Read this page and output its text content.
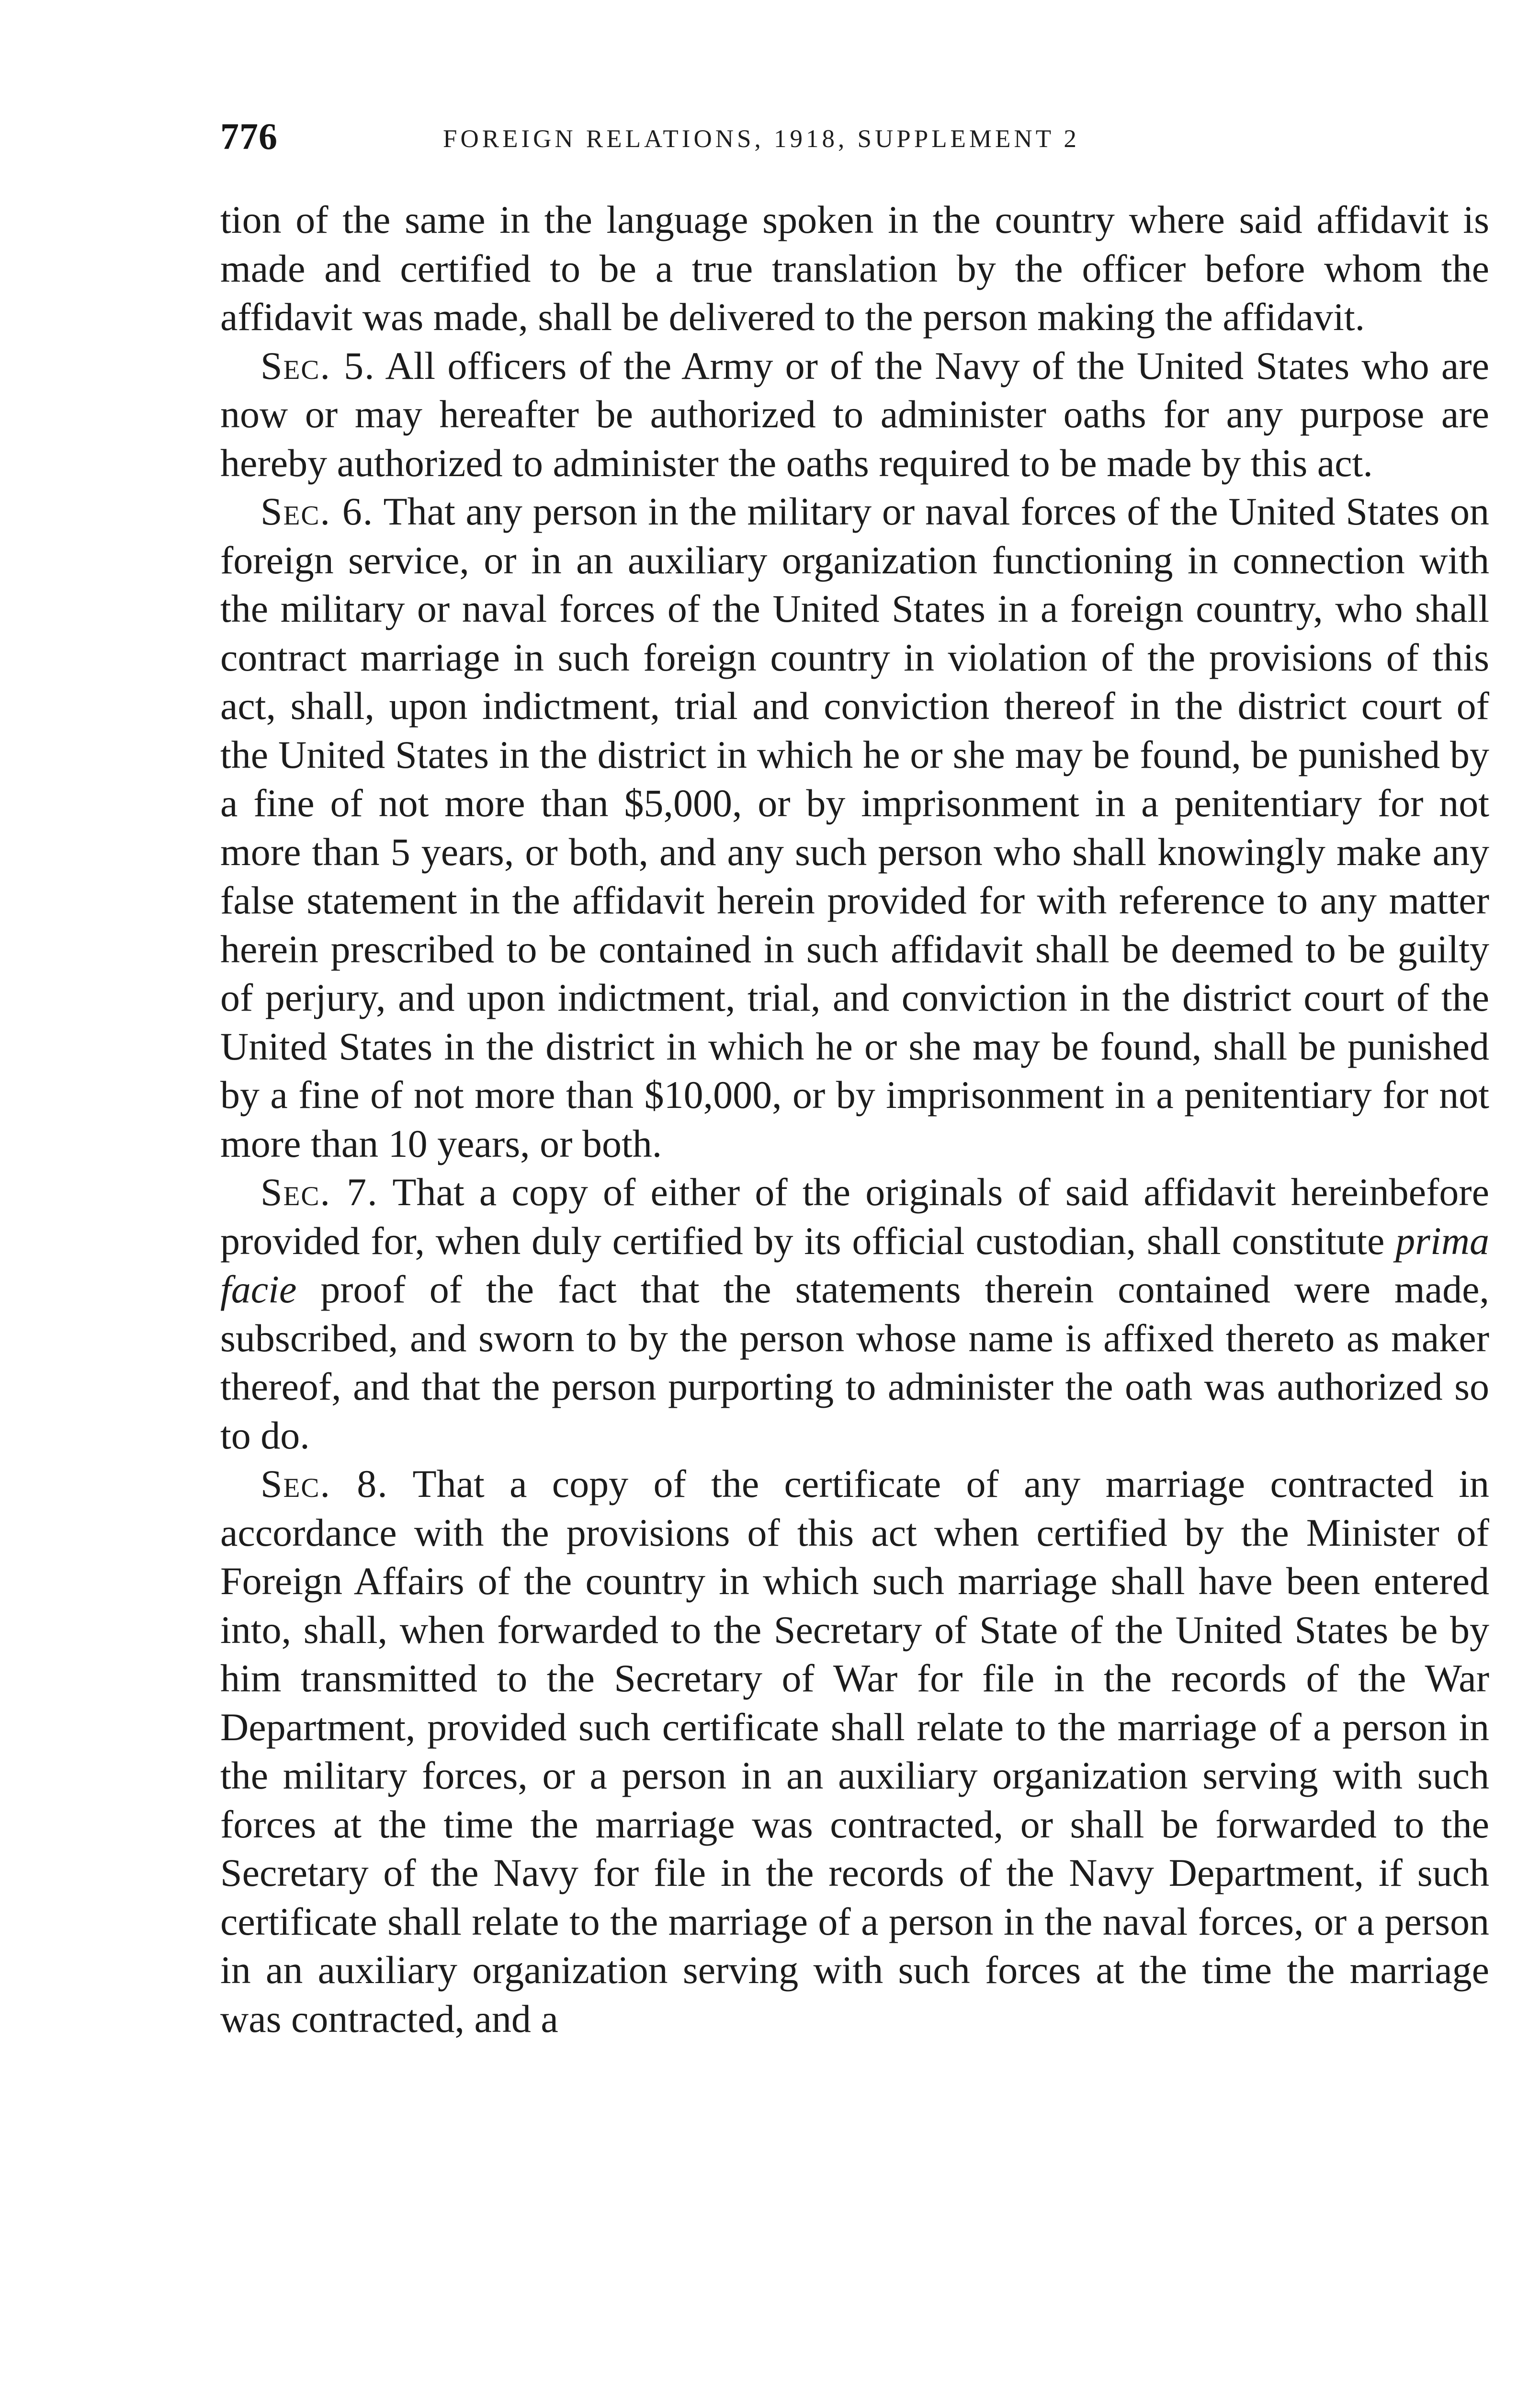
776	FOREIGN RELATIONS, 1918, SUPPLEMENT 2

tion of the same in the language spoken in the country where said affidavit is made and certified to be a true translation by the officer before whom the affidavit was made, shall be delivered to the person making the affidavit.

Sec. 5. All officers of the Army or of the Navy of the United States who are now or may hereafter be authorized to administer oaths for any purpose are hereby authorized to administer the oaths required to be made by this act.

Sec. 6. That any person in the military or naval forces of the United States on foreign service, or in an auxiliary organization functioning in connection with the military or naval forces of the United States in a foreign country, who shall contract marriage in such foreign country in violation of the provisions of this act, shall, upon indictment, trial and conviction thereof in the district court of the United States in the district in which he or she may be found, be punished by a fine of not more than $5,000, or by imprisonment in a penitentiary for not more than 5 years, or both, and any such person who shall knowingly make any false statement in the affidavit herein provided for with reference to any matter herein prescribed to be contained in such affidavit shall be deemed to be guilty of perjury, and upon indictment, trial, and conviction in the district court of the United States in the district in which he or she may be found, shall be punished by a fine of not more than $10,000, or by imprisonment in a penitentiary for not more than 10 years, or both.

Sec. 7. That a copy of either of the originals of said affidavit hereinbefore provided for, when duly certified by its official custodian, shall constitute prima facie proof of the fact that the statements therein contained were made, subscribed, and sworn to by the person whose name is affixed thereto as maker thereof, and that the person purporting to administer the oath was authorized so to do.

Sec. 8. That a copy of the certificate of any marriage contracted in accordance with the provisions of this act when certified by the Minister of Foreign Affairs of the country in which such marriage shall have been entered into, shall, when forwarded to the Secretary of State of the United States be by him transmitted to the Secretary of War for file in the records of the War Department, provided such certificate shall relate to the marriage of a person in the military forces, or a person in an auxiliary organization serving with such forces at the time the marriage was contracted, or shall be forwarded to the Secretary of the Navy for file in the records of the Navy Department, if such certificate shall relate to the marriage of a person in the naval forces, or a person in an auxiliary organization serving with such forces at the time the marriage was contracted, and a
